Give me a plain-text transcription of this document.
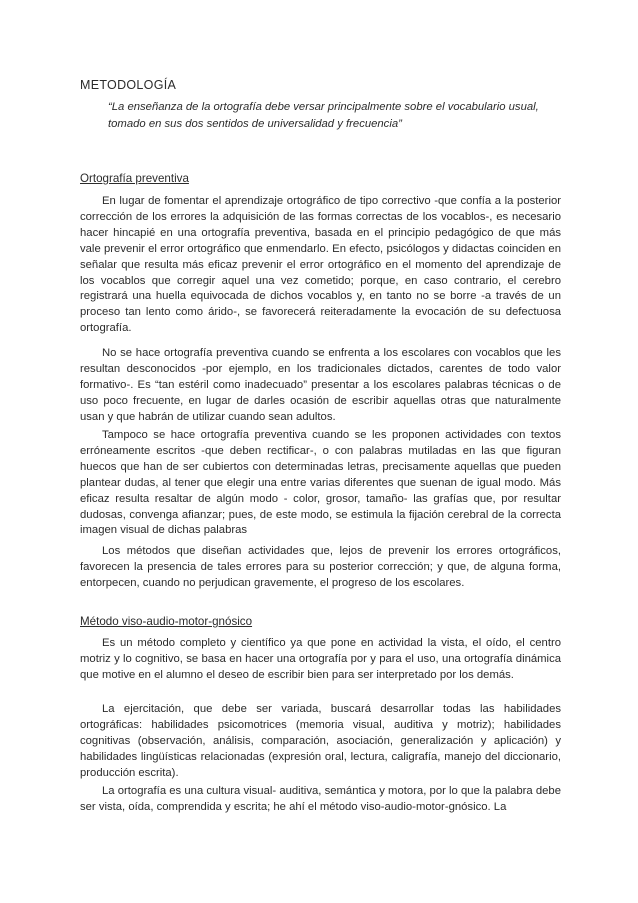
METODOLOGÍA
“La enseñanza de la ortografía debe versar principalmente sobre el vocabulario usual, tomado en sus dos sentidos de universalidad y frecuencia”
Ortografía preventiva

En lugar de fomentar el aprendizaje ortográfico de tipo correctivo -que confía a la posterior corrección de los errores la adquisición de las formas correctas de los vocablos-, es necesario hacer hincapié en una ortografía preventiva, basada en el principio pedagógico de que más vale prevenir el error ortográfico que enmendarlo. En efecto, psicólogos y didactas coinciden en señalar que resulta más eficaz prevenir el error ortográfico en el momento del aprendizaje de los vocablos que corregir aquel una vez cometido; porque, en caso contrario, el cerebro registrará una huella equivocada de dichos vocablos y, en tanto no se borre -a través de un proceso tan lento como árido-, se favorecerá reiteradamente la evocación de su defectuosa ortografía.

No se hace ortografía preventiva cuando se enfrenta a los escolares con vocablos que les resultan desconocidos -por ejemplo, en los tradicionales dictados, carentes de todo valor formativo-. Es “tan estéril como inadecuado” presentar a los escolares palabras técnicas o de uso poco frecuente, en lugar de darles ocasión de escribir aquellas otras que naturalmente usan y que habrán de utilizar cuando sean adultos.

Tampoco se hace ortografía preventiva cuando se les proponen actividades con textos erróneamente escritos -que deben rectificar-, o con palabras mutiladas en las que figuran huecos que han de ser cubiertos con determinadas letras, precisamente aquellas que pueden plantear dudas, al tener que elegir una entre varias diferentes que suenan de igual modo. Más eficaz resulta resaltar de algún modo - color, grosor, tamaño- las grafías que, por resultar dudosas, convenga afianzar; pues, de este modo, se estimula la fijación cerebral de la correcta imagen visual de dichas palabras

Los métodos que diseñan actividades que, lejos de prevenir los errores ortográficos, favorecen la presencia de tales errores para su posterior corrección; y que, de alguna forma, entorpecen, cuando no perjudican gravemente, el progreso de los escolares.

Método viso-audio-motor-gnósico

Es un método completo y científico ya que pone en actividad la vista, el oído, el centro motriz y lo cognitivo, se basa en hacer una ortografía por y para el uso, una ortografía dinámica que motive en el alumno el deseo de escribir bien para ser interpretado por los demás.

La ejercitación, que debe ser variada, buscará desarrollar todas las habilidades ortográficas: habilidades psicomotrices (memoria visual, auditiva y motriz); habilidades cognitivas (observación, análisis, comparación, asociación, generalización y aplicación) y habilidades lingüísticas relacionadas (expresión oral, lectura, caligrafía, manejo del diccionario, producción escrita).

La ortografía es una cultura visual- auditiva, semántica y motora, por lo que la palabra debe ser vista, oída, comprendida y escrita; he ahí el método viso-audio-motor-gnósico. La
